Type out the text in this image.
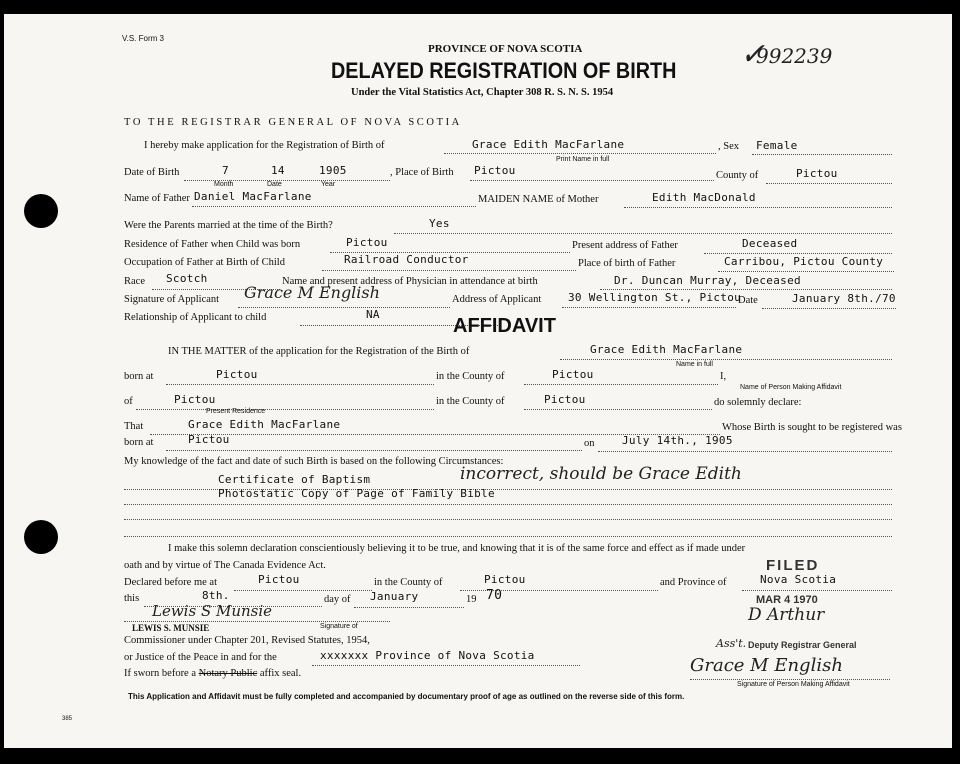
V.S. Form 3	✓
992239
PROVINCE OF NOVA SCOTIA
DELAYED REGISTRATION OF BIRTH
Under the Vital Statistics Act, Chapter 308 R. S. N. S. 1954
TO THE REGISTRAR GENERAL OF NOVA SCOTIA
I hereby make application for the Registration of Birth of	Grace Edith MacFarlane
Print Name in full
, Sex Female
Date of Birth	7	14	1905
Month	Date	Year
, Place of Birth Pictou	County of	Pictou
Name of Father Daniel MacFarlane	MAIDEN NAME of Mother	Edith MacDonald
Were the Parents married at the time of the Birth?	Yes
Residence of Father when Child was born	Pictou	Present address of Father	Deceased
Occupation of Father at Birth of Child	Railroad Conductor	Place of birth of Father	Carribou, Pictou County
Race Scotch	Name and present address of Physician in attendance at birth	Dr. Duncan Murray, Deceased
Signature of Applicant Grace M English	Address of Applicant 30 Wellington St., Pictou
Date	January 8th./70
Relationship of Applicant to child	NA
AFFIDAVIT
IN THE MATTER of the application for the Registration of the Birth of	Grace Edith MacFarlane
Name in full
born at	Pictou	in the County of	Pictou	I,
Name of Person Making Affidavit
of	Pictou
Present Residence
in the County of	Pictou	do solemnly declare:
That	Grace Edith MacFarlane	Whose Birth is sought to be registered was
born at	Pictou	on	July 14th., 1905
My knowledge of the fact and date of such Birth is based on the following Circumstances:
Certificate of Baptism	incorrect, should be Grace Edith
Photostatic Copy of Page of Family Bible
I make this solemn declaration conscientiously believing it to be true, and knowing that it is of the same force and effect as if made under
oath and by virtue of The Canada Evidence Act.
Declared before me at	Pictou	in the County of	Pictou	and Province of	Nova Scotia
FILED
this	8th.	day of January	19 70	MAR 4 1970
Lewis S Munsie
Signature of
D Arthur
Ass't. Deputy Registrar General
LEWIS S. MUNSIE
Commissioner under Chapter 201, Revised Statutes, 1954,
or Justice of the Peace in and for the	xxxxxxx Province of Nova Scotia
If sworn before a Notary Public affix seal.	Grace M English
Signature of Person Making Affidavit
This Application and Affidavit must be fully completed and accompanied by documentary proof of age as outlined on the reverse side of this form.
385
